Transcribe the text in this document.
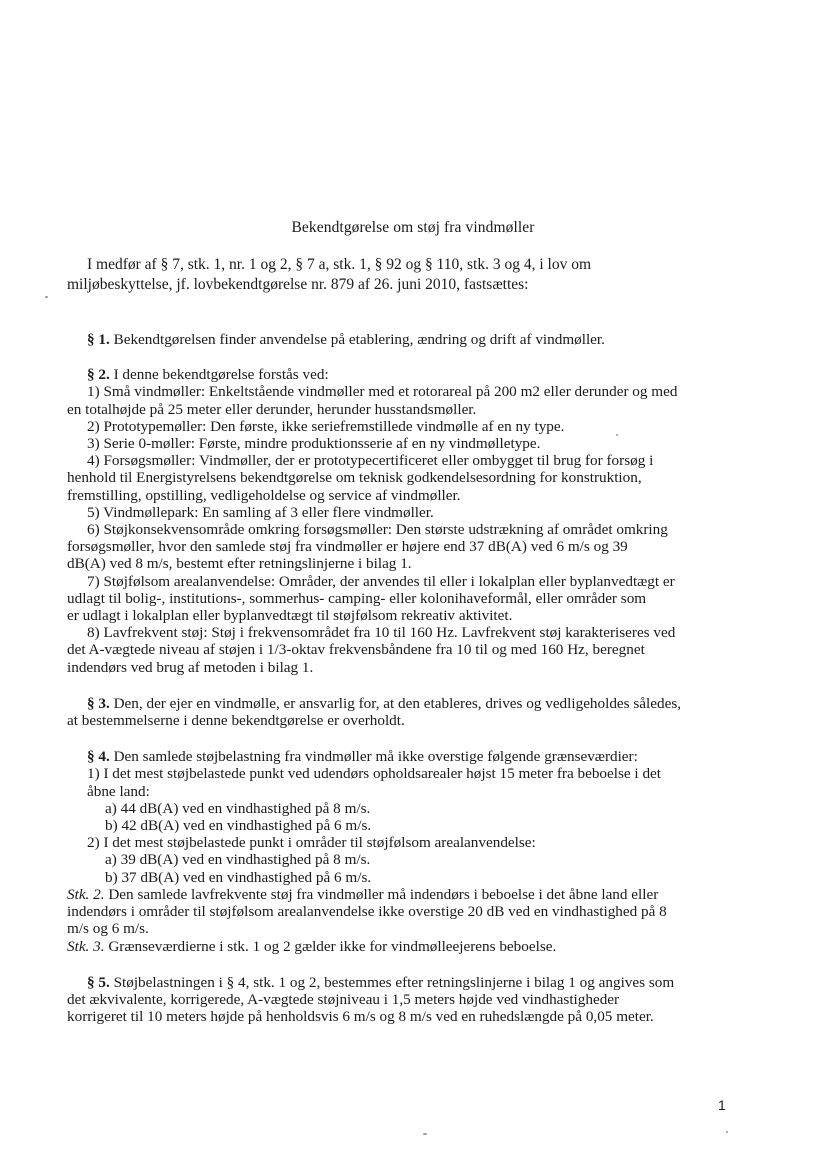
Bekendtgørelse om støj fra vindmøller
I medfør af § 7, stk. 1, nr. 1 og 2, § 7 a, stk. 1, § 92 og § 110, stk. 3 og 4, i lov om
miljøbeskyttelse, jf. lovbekendtgørelse nr. 879 af 26. juni 2010, fastsættes:
§ 1. Bekendtgørelsen finder anvendelse på etablering, ændring og drift af vindmøller.
§ 2. I denne bekendtgørelse forstås ved:
1) Små vindmøller: Enkeltstående vindmøller med et rotorareal på 200 m2 eller derunder og med
en totalhøjde på 25 meter eller derunder, herunder husstandsmøller.
2) Prototypemøller: Den første, ikke seriefremstillede vindmølle af en ny type.
3) Serie 0-møller: Første, mindre produktionsserie af en ny vindmølletype.
4) Forsøgsmøller: Vindmøller, der er prototypecertificeret eller ombygget til brug for forsøg i
henhold til Energistyrelsens bekendtgørelse om teknisk godkendelsesordning for konstruktion,
fremstilling, opstilling, vedligeholdelse og service af vindmøller.
5) Vindmøllepark: En samling af 3 eller flere vindmøller.
6) Støjkonsekvensområde omkring forsøgsmøller: Den største udstrækning af området omkring
forsøgsmøller, hvor den samlede støj fra vindmøller er højere end 37 dB(A) ved 6 m/s og 39
dB(A) ved 8 m/s, bestemt efter retningslinjerne i bilag 1.
7) Støjfølsom arealanvendelse: Områder, der anvendes til eller i lokalplan eller byplanvedtægt er
udlagt til bolig-, institutions-, sommerhus- camping- eller kolonihaveformål, eller områder som
er udlagt i lokalplan eller byplanvedtægt til støjfølsom rekreativ aktivitet.
8) Lavfrekvent støj: Støj i frekvensområdet fra 10 til 160 Hz. Lavfrekvent støj karakteriseres ved
det A-vægtede niveau af støjen i 1/3-oktav frekvensbåndene fra 10 til og med 160 Hz, beregnet
indendørs ved brug af metoden i bilag 1.
§ 3. Den, der ejer en vindmølle, er ansvarlig for, at den etableres, drives og vedligeholdes således,
at bestemmelserne i denne bekendtgørelse er overholdt.
§ 4. Den samlede støjbelastning fra vindmøller må ikke overstige følgende grænseværdier:
1) I det mest støjbelastede punkt ved udendørs opholdsarealer højst 15 meter fra beboelse i det
åbne land:
a) 44 dB(A) ved en vindhastighed på 8 m/s.
b) 42 dB(A) ved en vindhastighed på 6 m/s.
2) I det mest støjbelastede punkt i områder til støjfølsom arealanvendelse:
a) 39 dB(A) ved en vindhastighed på 8 m/s.
b) 37 dB(A) ved en vindhastighed på 6 m/s.
Stk. 2. Den samlede lavfrekvente støj fra vindmøller må indendørs i beboelse i det åbne land eller
indendørs i områder til støjfølsom arealanvendelse ikke overstige 20 dB ved en vindhastighed på 8
m/s og 6 m/s.
Stk. 3. Grænseværdierne i stk. 1 og 2 gælder ikke for vindmølleejerens beboelse.
§ 5. Støjbelastningen i § 4, stk. 1 og 2, bestemmes efter retningslinjerne i bilag 1 og angives som
det ækvivalente, korrigerede, A-vægtede støjniveau i 1,5 meters højde ved vindhastigheder
korrigeret til 10 meters højde på henholdsvis 6 m/s og 8 m/s ved en ruhedslængde på 0,05 meter.
1
